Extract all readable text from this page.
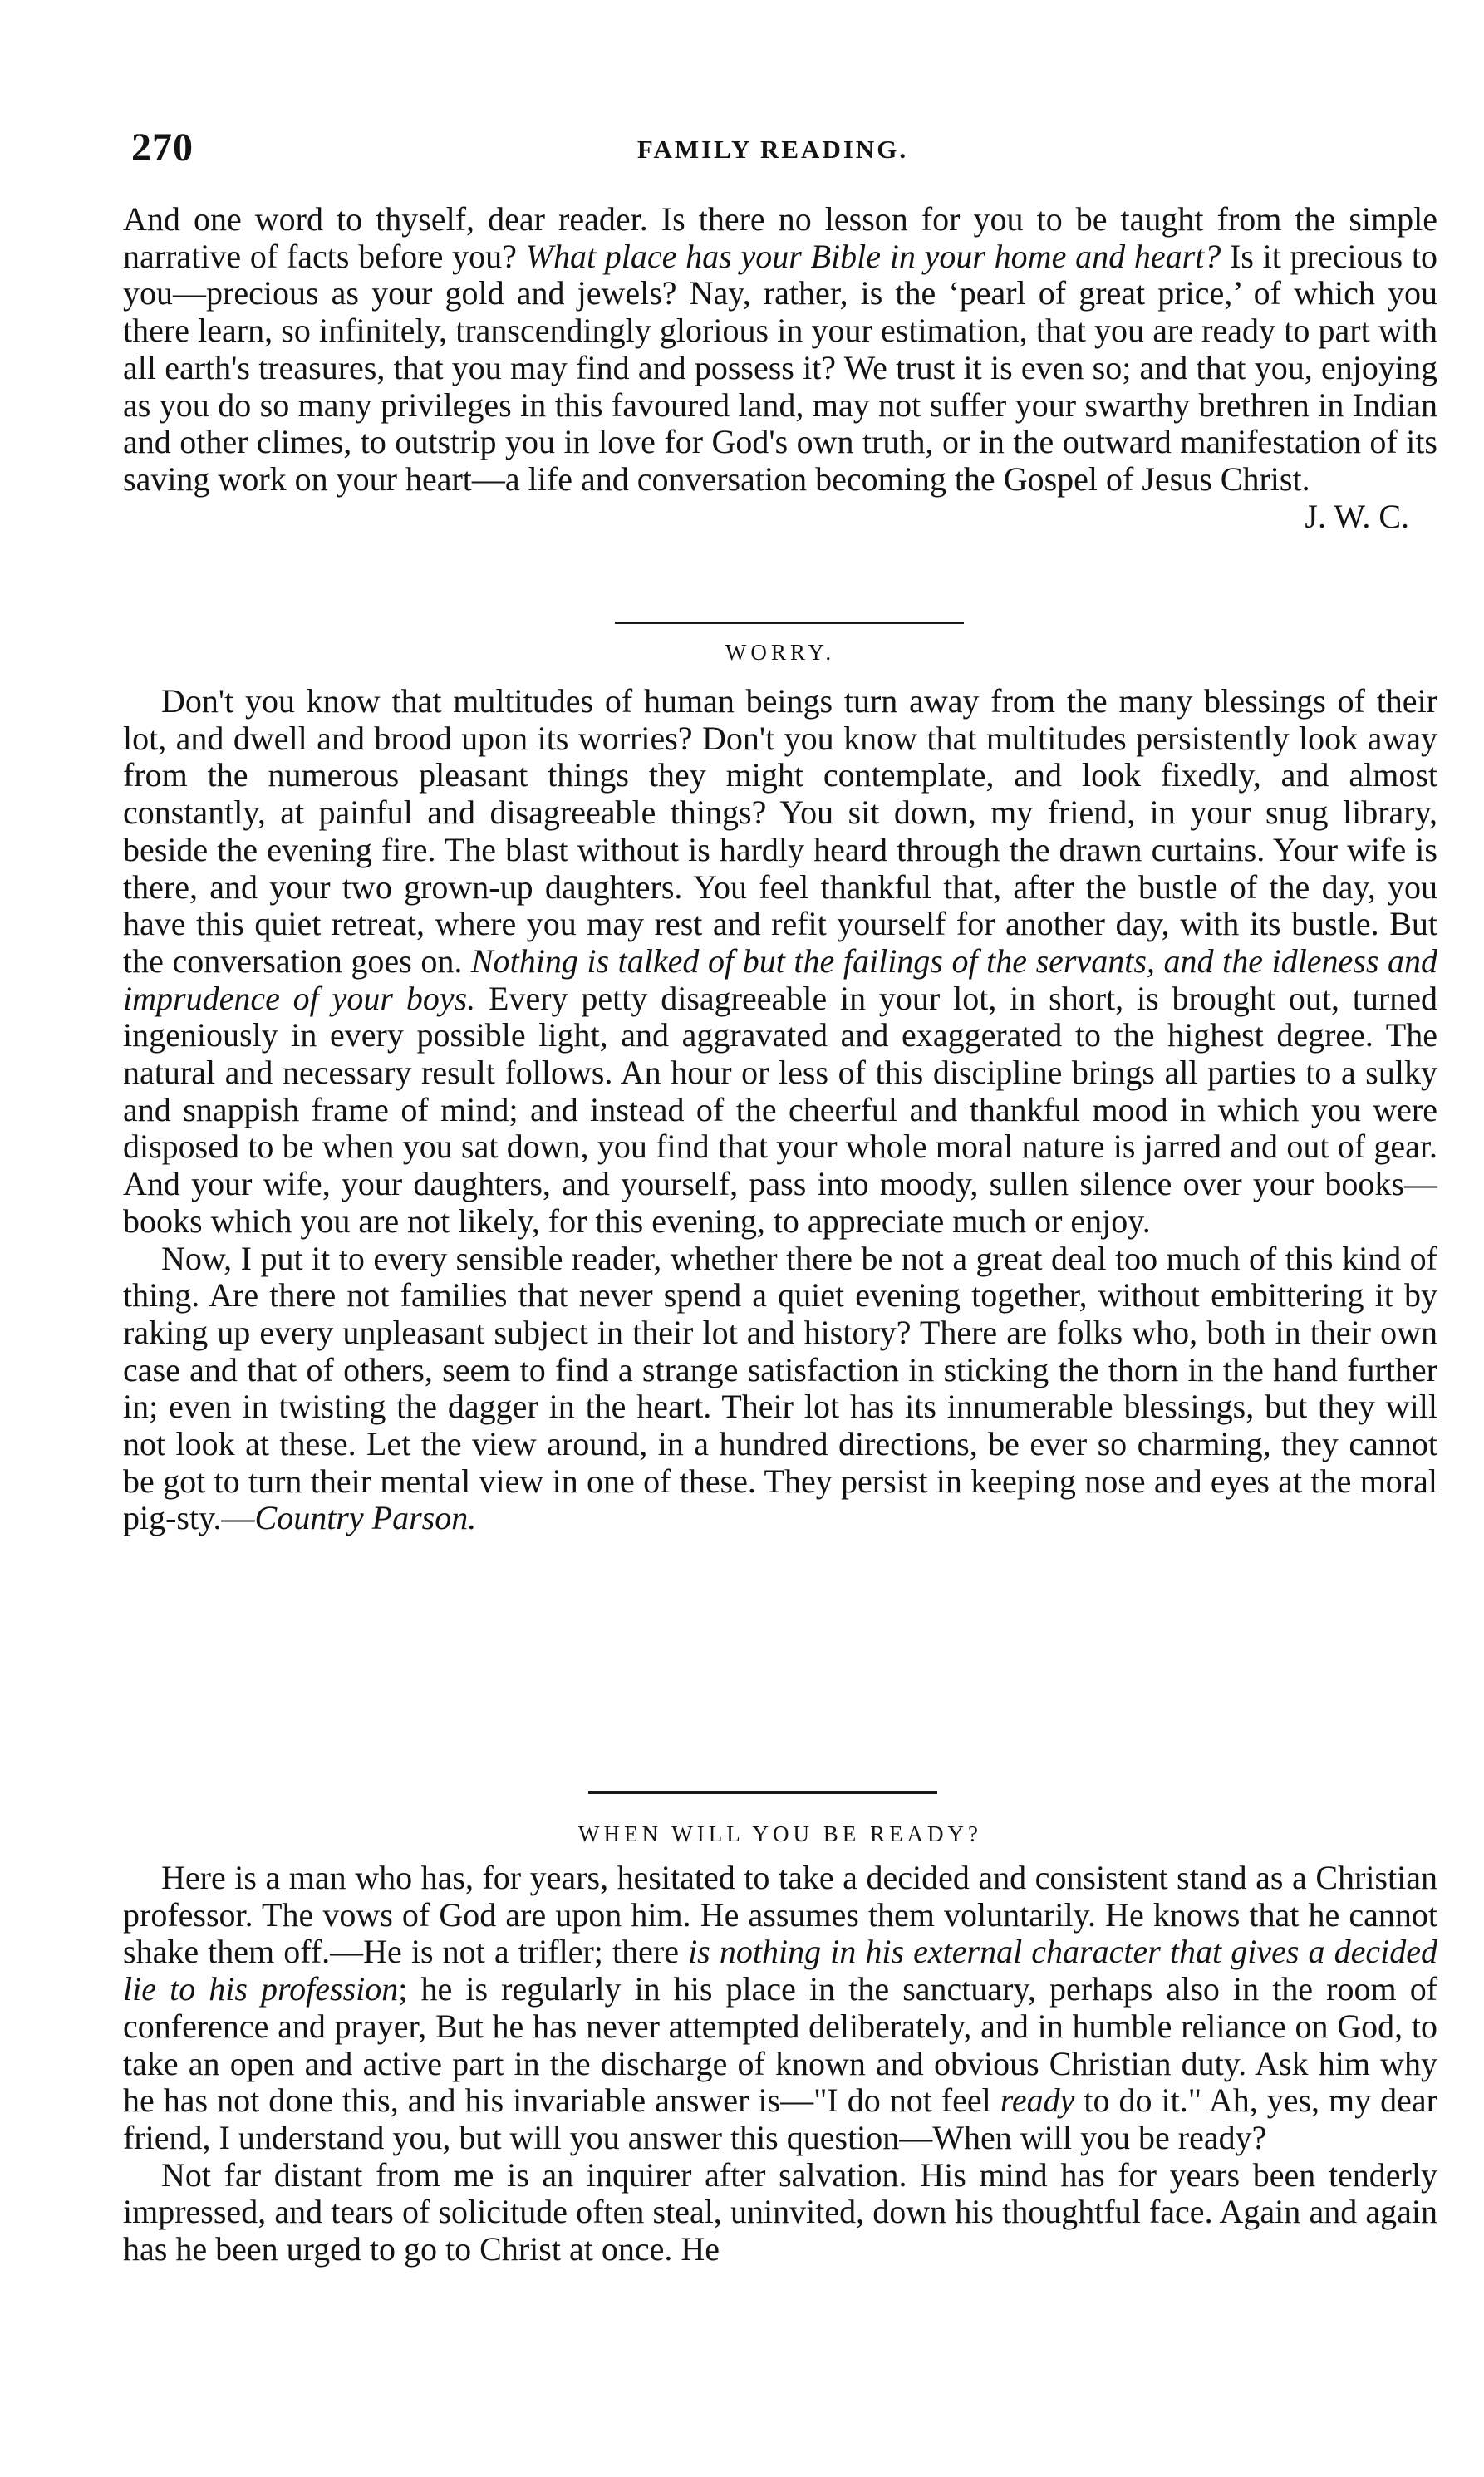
270	FAMILY READING.

And one word to thyself, dear reader. Is there no lesson for you to be taught from the simple narrative of facts before you? What place has your Bible in your home and heart? Is it precious to you—precious as your gold and jewels? Nay, rather, is the ‘pearl of great price,’ of which you there learn, so infinitely, transcendingly glorious in your estimation, that you are ready to part with all earth's treasures, that you may find and possess it? We trust it is even so; and that you, enjoying as you do so many privileges in this favoured land, may not suffer your swarthy brethren in Indian and other climes, to outstrip you in love for God's own truth, or in the outward manifestation of its saving work on your heart—a life and conversation becoming the Gospel of Jesus Christ.
J. W. C.

WORRY.

Don't you know that multitudes of human beings turn away from the many blessings of their lot, and dwell and brood upon its worries? Don't you know that multitudes persistently look away from the numerous pleasant things they might contemplate, and look fixedly, and almost constantly, at painful and disagreeable things? You sit down, my friend, in your snug library, beside the evening fire. The blast without is hardly heard through the drawn curtains. Your wife is there, and your two grown-up daughters. You feel thankful that, after the bustle of the day, you have this quiet retreat, where you may rest and refit yourself for another day, with its bustle. But the conversation goes on. Nothing is talked of but the failings of the servants, and the idleness and imprudence of your boys. Every petty disagreeable in your lot, in short, is brought out, turned ingeniously in every possible light, and aggravated and exaggerated to the highest degree. The natural and necessary result follows. An hour or less of this discipline brings all parties to a sulky and snappish frame of mind; and instead of the cheerful and thankful mood in which you were disposed to be when you sat down, you find that your whole moral nature is jarred and out of gear. And your wife, your daughters, and yourself, pass into moody, sullen silence over your books—books which you are not likely, for this evening, to appreciate much or enjoy.

Now, I put it to every sensible reader, whether there be not a great deal too much of this kind of thing. Are there not families that never spend a quiet evening together, without embittering it by raking up every unpleasant subject in their lot and history? There are folks who, both in their own case and that of others, seem to find a strange satisfaction in sticking the thorn in the hand further in; even in twisting the dagger in the heart. Their lot has its innumerable blessings, but they will not look at these. Let the view around, in a hundred directions, be ever so charming, they cannot be got to turn their mental view in one of these. They persist in keeping nose and eyes at the moral pig-sty.—Country Parson.

WHEN WILL YOU BE READY?

Here is a man who has, for years, hesitated to take a decided and consistent stand as a Christian professor. The vows of God are upon him. He assumes them voluntarily. He knows that he cannot shake them off.—He is not a trifler; there is nothing in his external character that gives a decided lie to his profession; he is regularly in his place in the sanctuary, perhaps also in the room of conference and prayer, But he has never attempted deliberately, and in humble reliance on God, to take an open and active part in the discharge of known and obvious Christian duty. Ask him why he has not done this, and his invariable answer is—"I do not feel ready to do it." Ah, yes, my dear friend, I understand you, but will you answer this question—When will you be ready?

Not far distant from me is an inquirer after salvation. His mind has for years been tenderly impressed, and tears of solicitude often steal, uninvited, down his thoughtful face. Again and again has he been urged to go to Christ at once. He
